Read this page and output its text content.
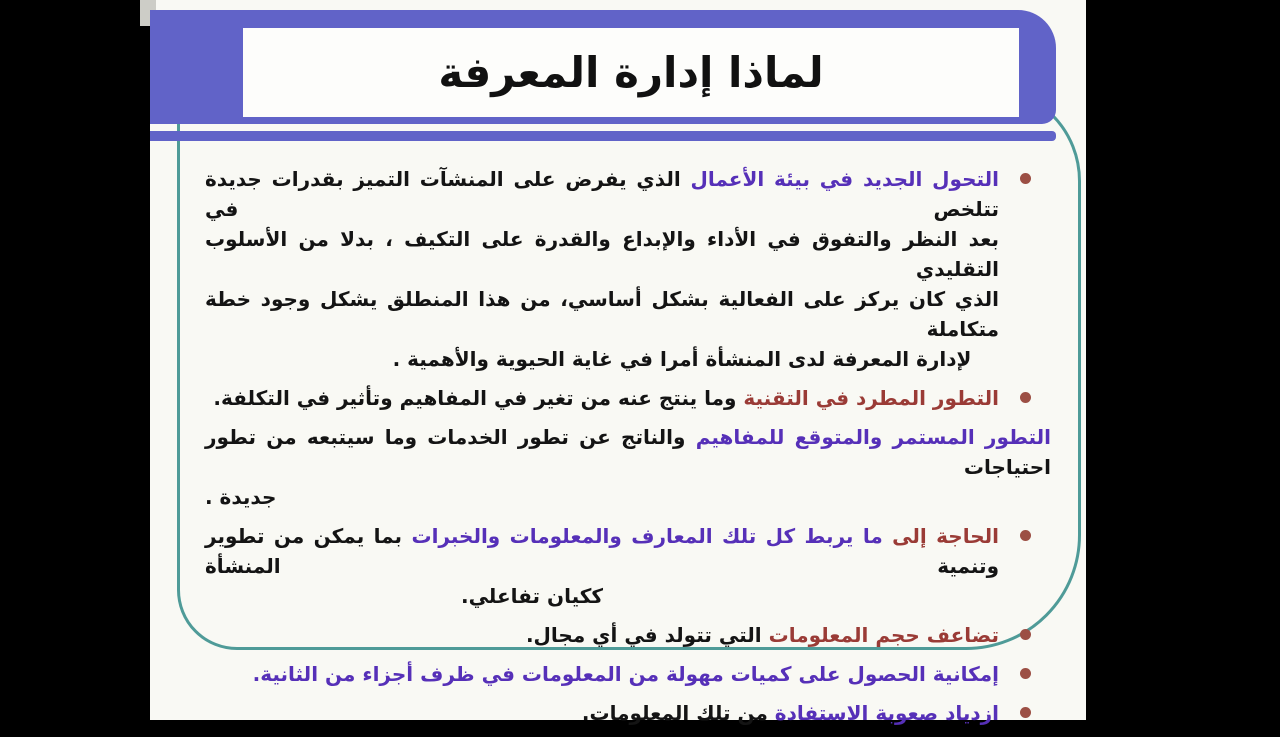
لماذا إدارة المعرفة
التحول الجديد في بيئة الأعمال الذي يفرض على المنشآت التميز بقدرات جديدة تتلخص في
بعد النظر والتفوق في الأداء والإبداع والقدرة على التكيف ، بدلا من الأسلوب التقليدي
الذي كان يركز على الفعالية بشكل أساسي، من هذا المنطلق يشكل وجود خطة متكاملة
لإدارة المعرفة لدى المنشأة أمرا في غاية الحيوية والأهمية .
التطور المطرد في التقنية وما ينتج عنه من تغير في المفاهيم وتأثير في التكلفة.
التطور المستمر والمتوقع للمفاهيم والناتج عن تطور الخدمات وما سيتبعه من تطور احتياجات
جديدة .
الحاجة إلى ما يربط كل تلك المعارف والمعلومات والخبرات بما يمكن من تطوير وتنمية المنشأة
ككيان تفاعلي.
تضاعف حجم المعلومات التي تتولد في أي مجال.
إمكانية الحصول على كميات مهولة من المعلومات في ظرف أجزاء من الثانية.
ازدياد صعوبة الاستفادة من تلك المعلومات.
